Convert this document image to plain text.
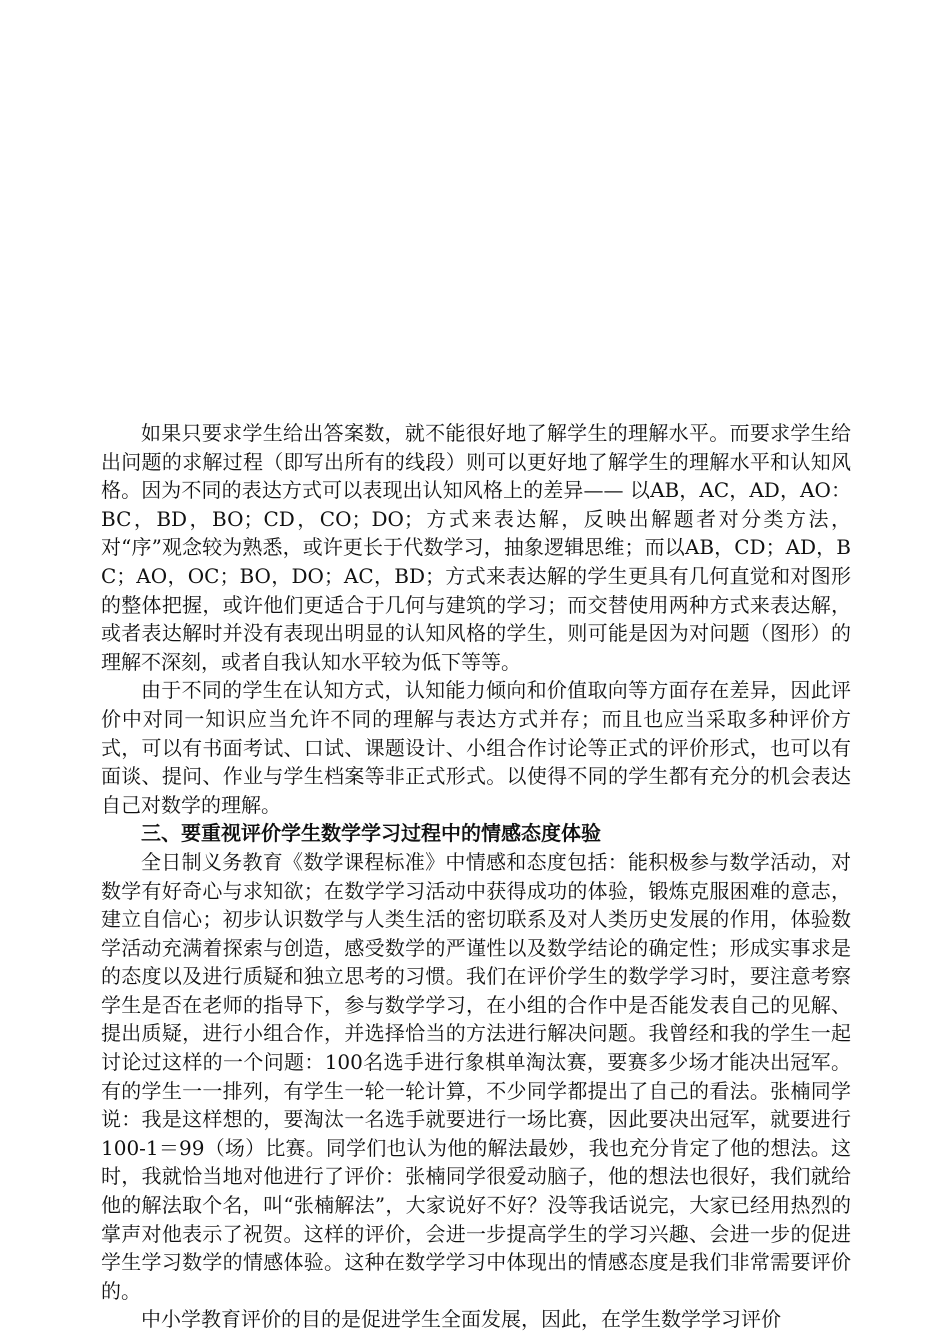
如果只要求学生给出答案数，就不能很好地了解学生的理解水平。而要求学生给出问题的求解过程（即写出所有的线段）则可以更好地了解学生的理解水平和认知风格。因为不同的表达方式可以表现出认知风格上的差异—— 以AB，AC，AD，AO：BC，BD，BO；CD，CO；DO；方式来表达解，反映出解题者对分类方法，对“序”观念较为熟悉，或许更长于代数学习，抽象逻辑思维；而以AB，CD；AD，BC；AO，OC；BO，DO；AC，BD；方式来表达解的学生更具有几何直觉和对图形的整体把握，或许他们更适合于几何与建筑的学习；而交替使用两种方式来表达解，或者表达解时并没有表现出明显的认知风格的学生，则可能是因为对问题（图形）的理解不深刻，或者自我认知水平较为低下等等。

由于不同的学生在认知方式，认知能力倾向和价值取向等方面存在差异，因此评价中对同一知识应当允许不同的理解与表达方式并存；而且也应当采取多种评价方式，可以有书面考试、口试、课题设计、小组合作讨论等正式的评价形式，也可以有面谈、提问、作业与学生档案等非正式形式。以使得不同的学生都有充分的机会表达自己对数学的理解。

三、要重视评价学生数学学习过程中的情感态度体验

全日制义务教育《数学课程标准》中情感和态度包括：能积极参与数学活动，对数学有好奇心与求知欲；在数学学习活动中获得成功的体验，锻炼克服困难的意志，建立自信心；初步认识数学与人类生活的密切联系及对人类历史发展的作用，体验数学活动充满着探索与创造，感受数学的严谨性以及数学结论的确定性；形成实事求是的态度以及进行质疑和独立思考的习惯。我们在评价学生的数学学习时，要注意考察学生是否在老师的指导下，参与数学学习，在小组的合作中是否能发表自己的见解、提出质疑，进行小组合作，并选择恰当的方法进行解决问题。我曾经和我的学生一起讨论过这样的一个问题：100名选手进行象棋单淘汰赛，要赛多少场才能决出冠军。有的学生一一排列，有学生一轮一轮计算，不少同学都提出了自己的看法。张楠同学说：我是这样想的，要淘汰一名选手就要进行一场比赛，因此要决出冠军，就要进行100-1＝99（场）比赛。同学们也认为他的解法最妙，我也充分肯定了他的想法。这时，我就恰当地对他进行了评价：张楠同学很爱动脑子，他的想法也很好，我们就给他的解法取个名，叫“张楠解法”，大家说好不好？没等我话说完，大家已经用热烈的掌声对他表示了祝贺。这样的评价，会进一步提高学生的学习兴趣、会进一步的促进学生学习数学的情感体验。这种在数学学习中体现出的情感态度是我们非常需要评价的。

中小学教育评价的目的是促进学生全面发展，因此，在学生数学学习评价
